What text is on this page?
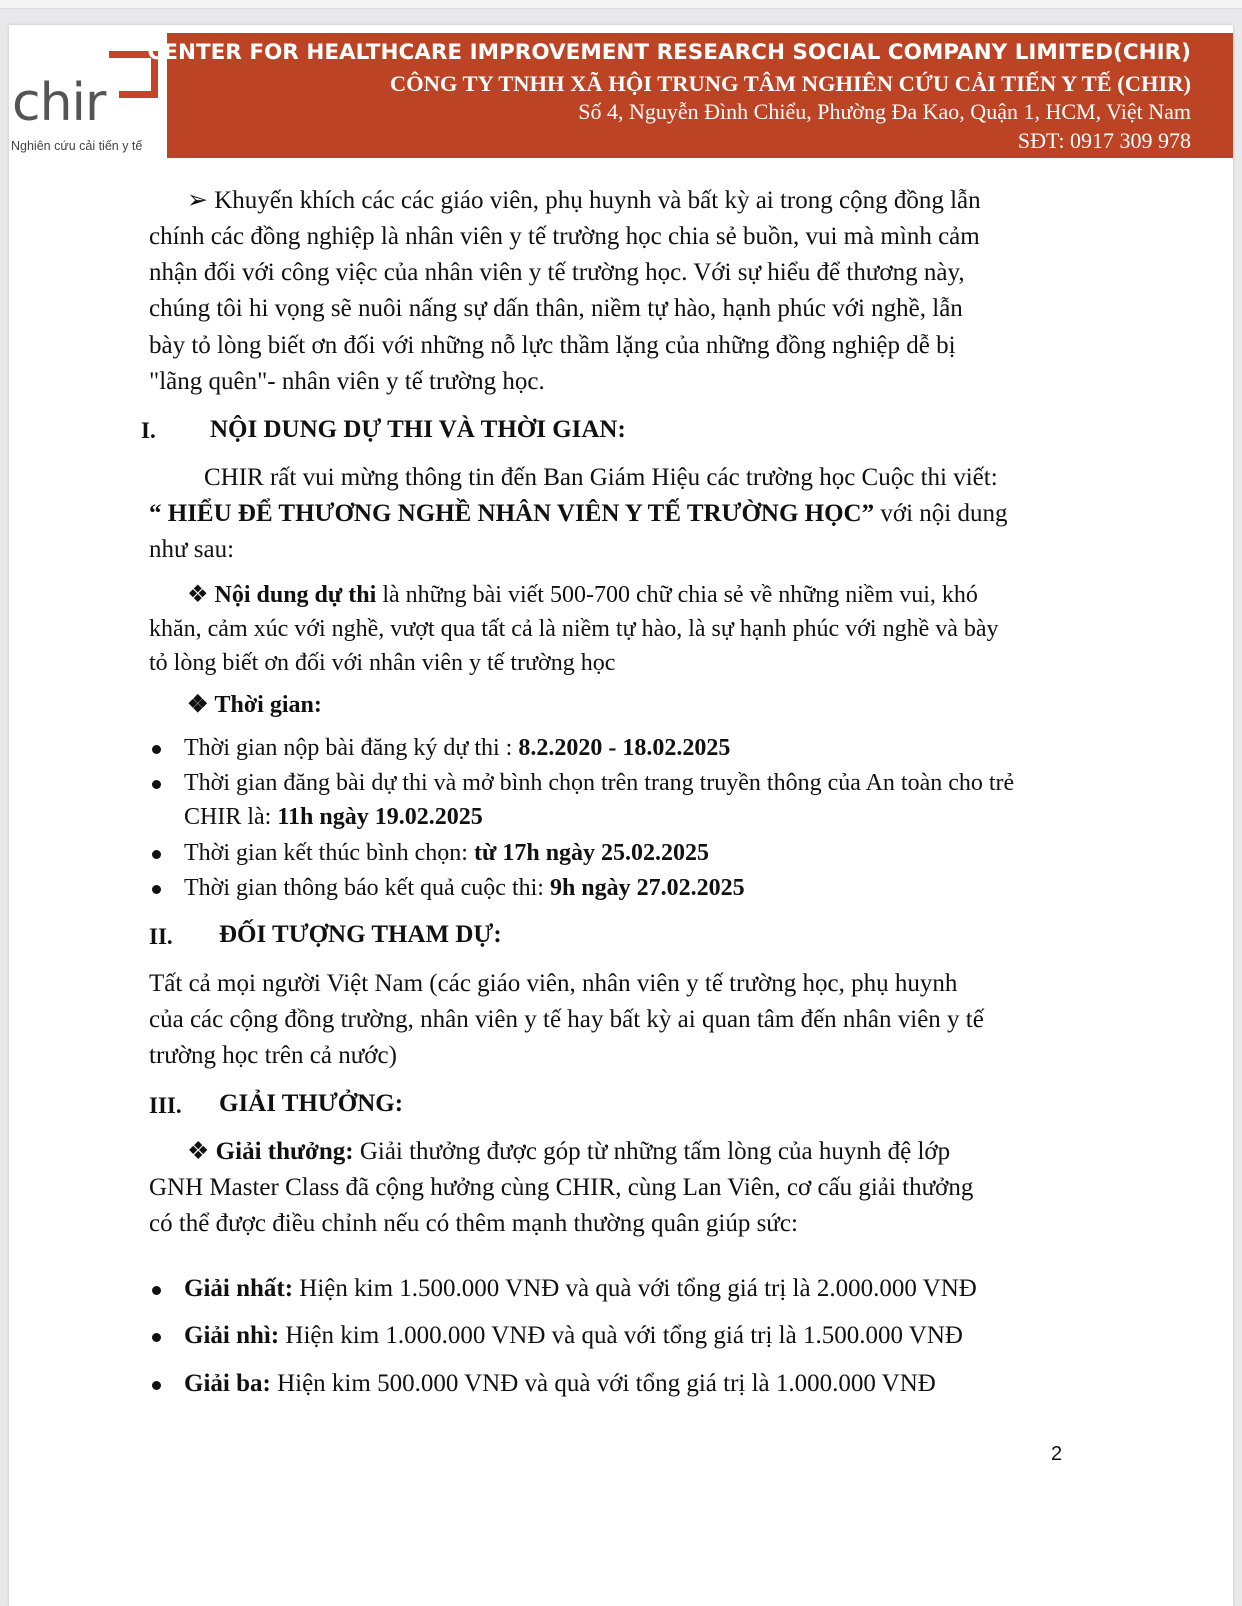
chir
Nghiên cứu cải tiến y tế
CENTER FOR HEALTHCARE IMPROVEMENT RESEARCH SOCIAL COMPANY LIMITED(CHIR)
CÔNG TY TNHH XÃ HỘI TRUNG TÂM NGHIÊN CỨU CẢI TIẾN Y TẾ (CHIR)
Số 4, Nguyễn Đình Chiểu, Phường Đa Kao, Quận 1, HCM, Việt Nam
SĐT: 0917 309 978
➢ Khuyến khích các các giáo viên, phụ huynh và bất kỳ ai trong cộng đồng lẫn
chính các đồng nghiệp là nhân viên y tế trường học chia sẻ buồn, vui mà mình cảm
nhận đối với công việc của nhân viên y tế trường học. Với sự hiểu để thương này,
chúng tôi hi vọng sẽ nuôi nấng sự dấn thân, niềm tự hào, hạnh phúc với nghề, lẫn
bày tỏ lòng biết ơn đối với những nỗ lực thầm lặng của những đồng nghiệp dễ bị
"lãng quên"- nhân viên y tế trường học.
I. NỘI DUNG DỰ THI VÀ THỜI GIAN:
CHIR rất vui mừng thông tin đến Ban Giám Hiệu các trường học Cuộc thi viết:
“ HIỂU ĐỂ THƯƠNG NGHỀ NHÂN VIÊN Y TẾ TRƯỜNG HỌC” với nội dung
như sau:
❖ Nội dung dự thi là những bài viết 500-700 chữ chia sẻ về những niềm vui, khó
khăn, cảm xúc với nghề, vượt qua tất cả là niềm tự hào, là sự hạnh phúc với nghề và bày
tỏ lòng biết ơn đối với nhân viên y tế trường học
❖ Thời gian:
Thời gian nộp bài đăng ký dự thi : 8.2.2020 - 18.02.2025
Thời gian đăng bài dự thi và mở bình chọn trên trang truyền thông của An toàn cho trẻ
CHIR là: 11h ngày 19.02.2025
Thời gian kết thúc bình chọn: từ 17h ngày 25.02.2025
Thời gian thông báo kết quả cuộc thi: 9h ngày 27.02.2025
II. ĐỐI TƯỢNG THAM DỰ:
Tất cả mọi người Việt Nam (các giáo viên, nhân viên y tế trường học, phụ huynh
của các cộng đồng trường, nhân viên y tế hay bất kỳ ai quan tâm đến nhân viên y tế
trường học trên cả nước)
III. GIẢI THƯỞNG:
❖ Giải thưởng: Giải thưởng được góp từ những tấm lòng của huynh đệ lớp
GNH Master Class đã cộng hưởng cùng CHIR, cùng Lan Viên, cơ cấu giải thưởng
có thể được điều chỉnh nếu có thêm mạnh thường quân giúp sức:
Giải nhất: Hiện kim 1.500.000 VNĐ và quà với tổng giá trị là 2.000.000 VNĐ
Giải nhì: Hiện kim 1.000.000 VNĐ và quà với tổng giá trị là 1.500.000 VNĐ
Giải ba: Hiện kim 500.000 VNĐ và quà với tổng giá trị là 1.000.000 VNĐ
2
